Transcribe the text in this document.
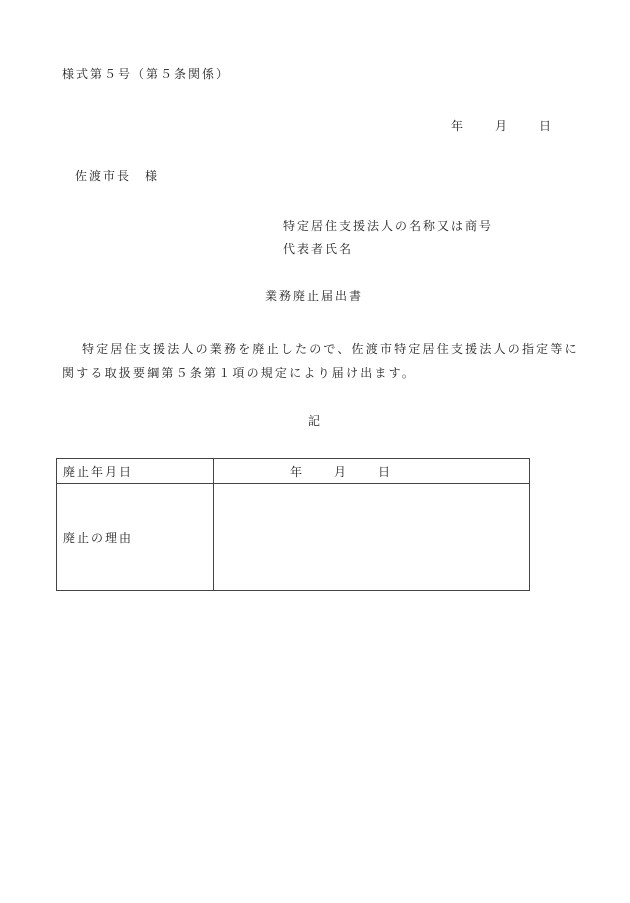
様式第５号（第５条関係）
年	月	日
佐渡市長 様
特定居住支援法人の名称又は商号
代表者氏名
業務廃止届出書
特定居住支援法人の業務を廃止したので、佐渡市特定居住支援法人の指定等に関する取扱要綱第５条第１項の規定により届け出ます。
記
廃止年月日	年 月 日
廃止の理由	
